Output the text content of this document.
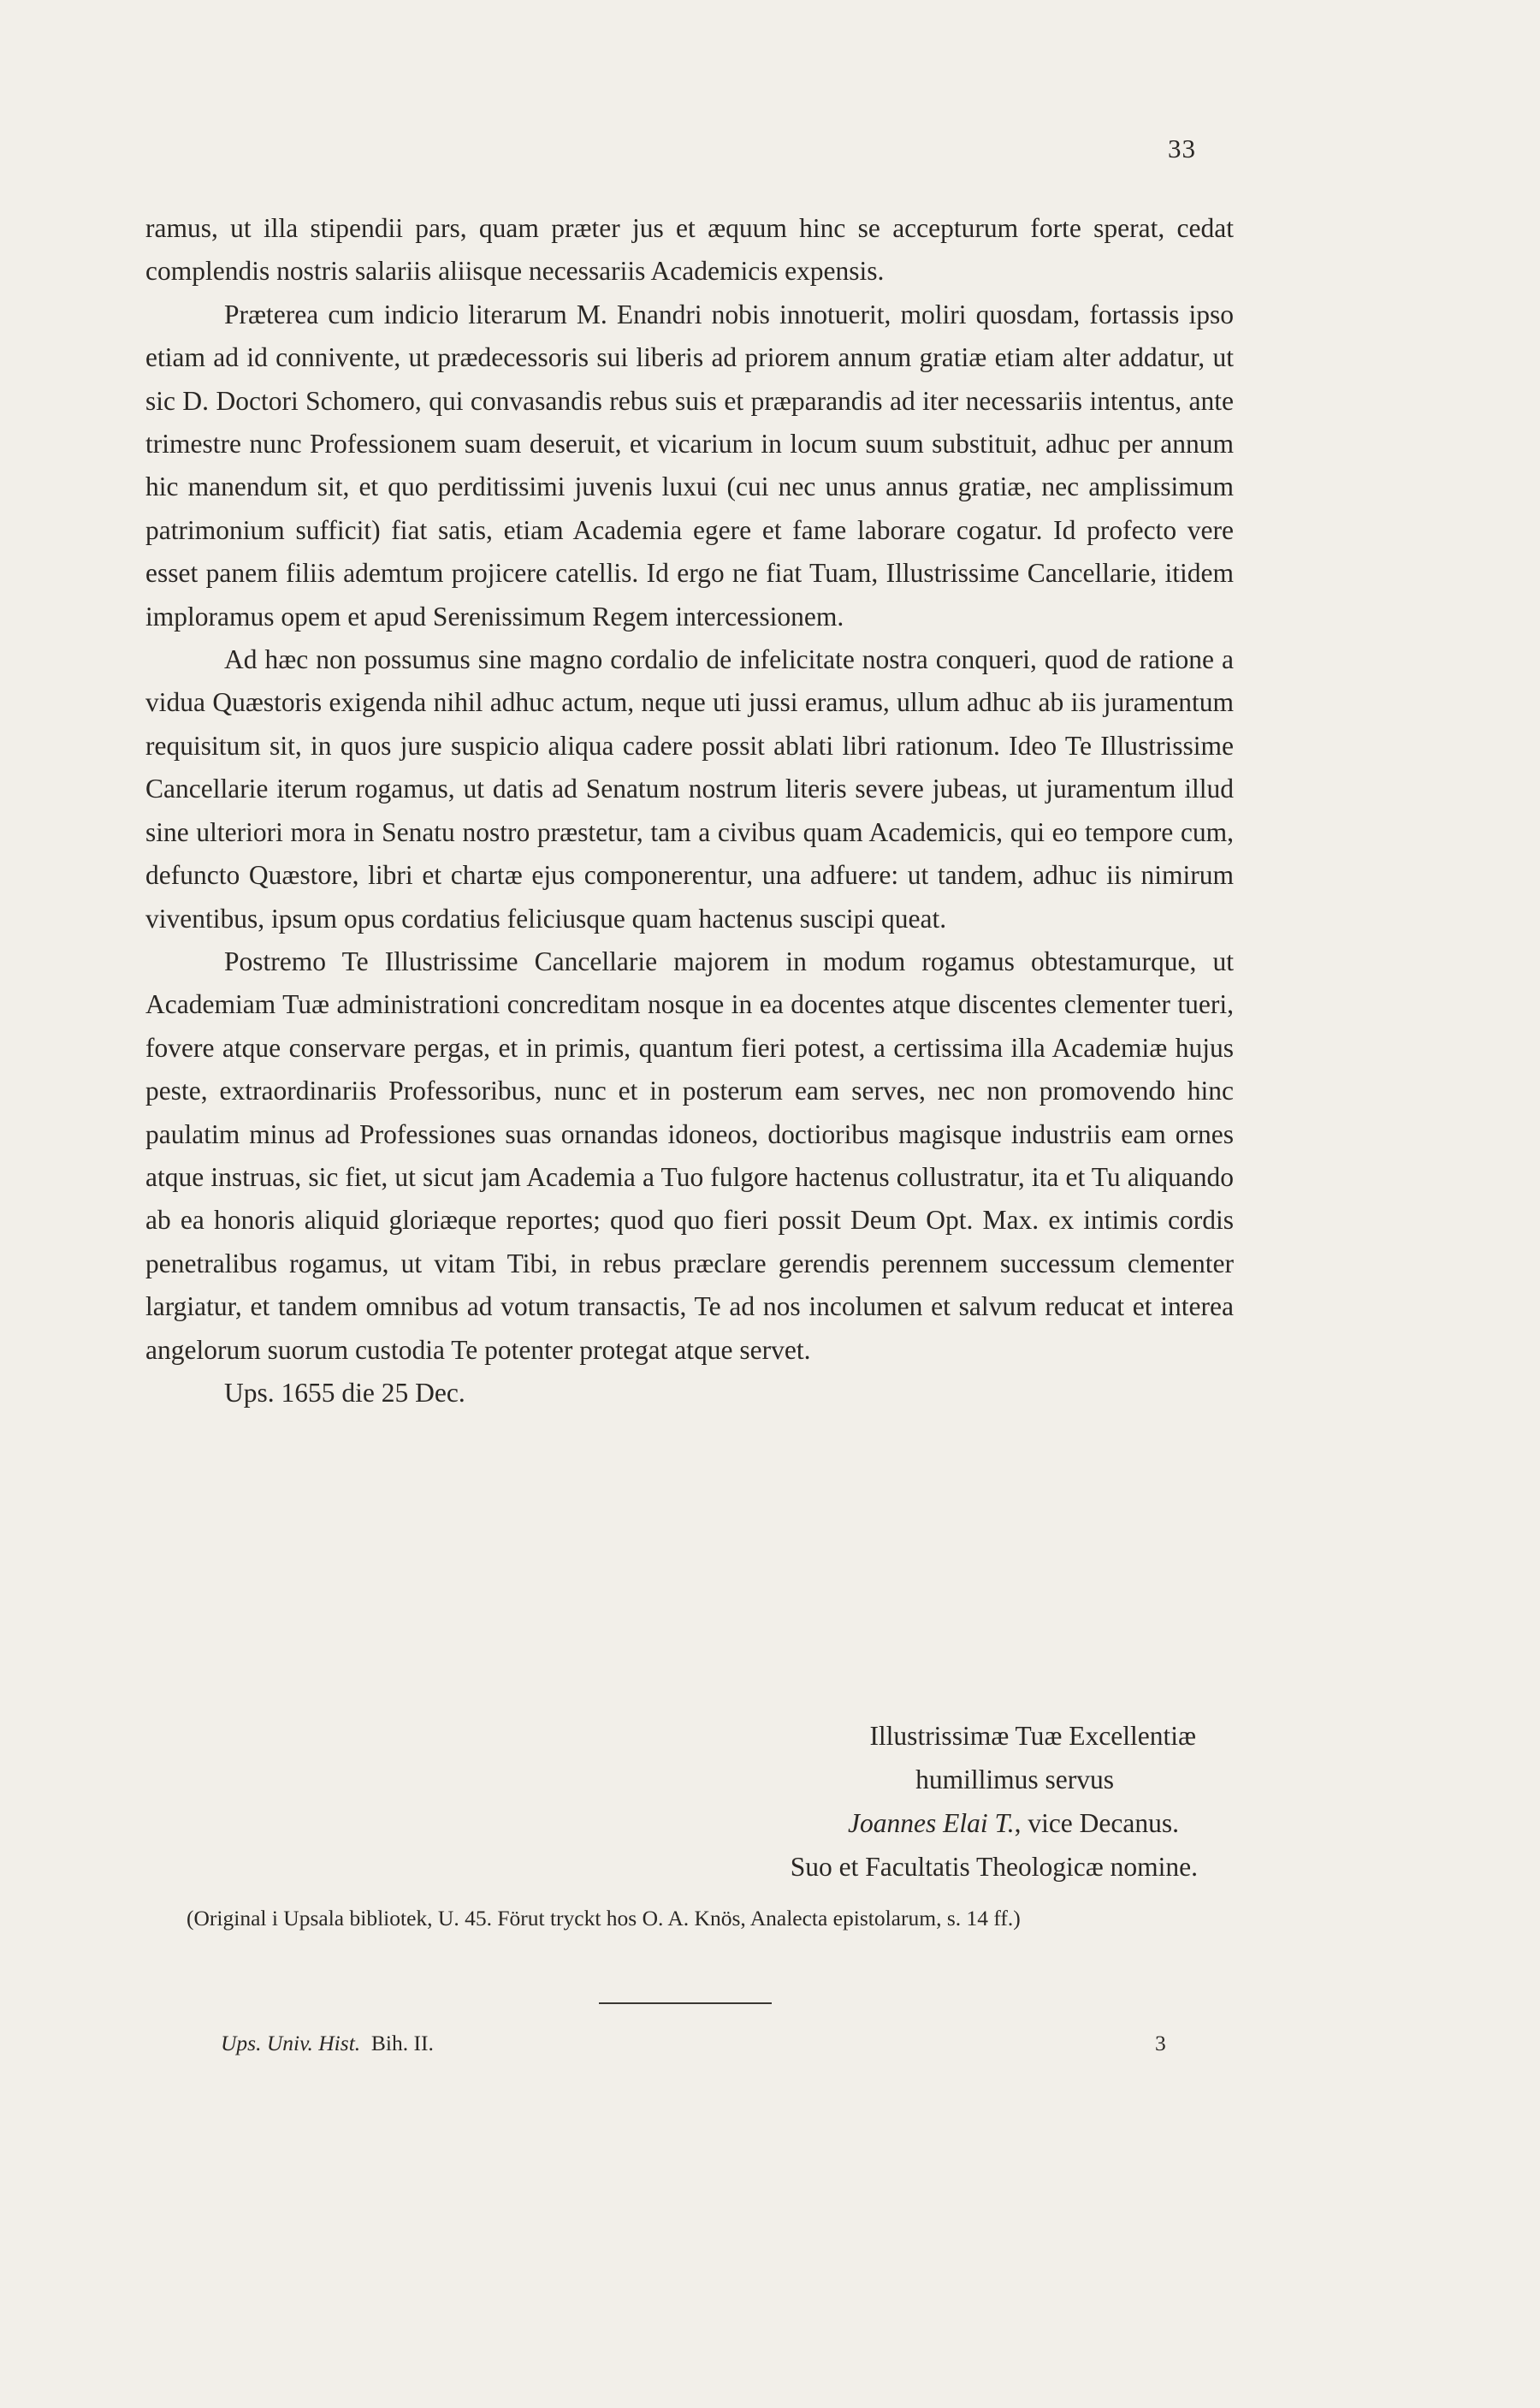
33

ramus, ut illa stipendii pars, quam præter jus et æquum hinc se accepturum forte sperat, cedat complendis nostris salariis aliisque necessariis Academicis expensis.

Præterea cum indicio literarum M. Enandri nobis innotuerit, moliri quosdam, fortassis ipso etiam ad id connivente, ut prædecessoris sui liberis ad priorem annum gratiæ etiam alter addatur, ut sic D. Doctori Schomero, qui convasandis rebus suis et præparandis ad iter necessariis intentus, ante trimestre nunc Professionem suam deseruit, et vicarium in locum suum substituit, adhuc per annum hic manendum sit, et quo perditissimi juvenis luxui (cui nec unus annus gratiæ, nec amplissimum patrimonium sufficit) fiat satis, etiam Academia egere et fame laborare cogatur. Id profecto vere esset panem filiis ademtum projicere catellis. Id ergo ne fiat Tuam, Illustrissime Cancellarie, itidem imploramus opem et apud Serenissimum Regem intercessionem.

Ad hæc non possumus sine magno cordalio de infelicitate nostra conqueri, quod de ratione a vidua Quæstoris exigenda nihil adhuc actum, neque uti jussi eramus, ullum adhuc ab iis juramentum requisitum sit, in quos jure suspicio aliqua cadere possit ablati libri rationum. Ideo Te Illustrissime Cancellarie iterum rogamus, ut datis ad Senatum nostrum literis severe jubeas, ut juramentum illud sine ulteriori mora in Senatu nostro præstetur, tam a civibus quam Academicis, qui eo tempore cum, defuncto Quæstore, libri et chartæ ejus componerentur, una adfuere: ut tandem, adhuc iis nimirum viventibus, ipsum opus cordatius feliciusque quam hactenus suscipi queat.

Postremo Te Illustrissime Cancellarie majorem in modum rogamus obtestamurque, ut Academiam Tuæ administrationi concreditam nosque in ea docentes atque discentes clementer tueri, fovere atque conservare pergas, et in primis, quantum fieri potest, a certissima illa Academiæ hujus peste, extraordinariis Professoribus, nunc et in posterum eam serves, nec non promovendo hinc paulatim minus ad Professiones suas ornandas idoneos, doctioribus magisque industriis eam ornes atque instruas, sic fiet, ut sicut jam Academia a Tuo fulgore hactenus collustratur, ita et Tu aliquando ab ea honoris aliquid gloriæque reportes; quod quo fieri possit Deum Opt. Max. ex intimis cordis penetralibus rogamus, ut vitam Tibi, in rebus præclare gerendis perennem successum clementer largiatur, et tandem omnibus ad votum transactis, Te ad nos incolumen et salvum reducat et interea angelorum suorum custodia Te potenter protegat atque servet.

Ups. 1655 die 25 Dec.

Illustrissimæ Tuæ Excellentiæ
humillimus servus
Joannes Elai T., vice Decanus.
Suo et Facultatis Theologicæ nomine.
(Original i Upsala bibliotek, U. 45. Förut tryckt hos O. A. Knös, Analecta epistolarum, s. 14 ff.)
Ups. Univ. Hist. Bih. II.	3
